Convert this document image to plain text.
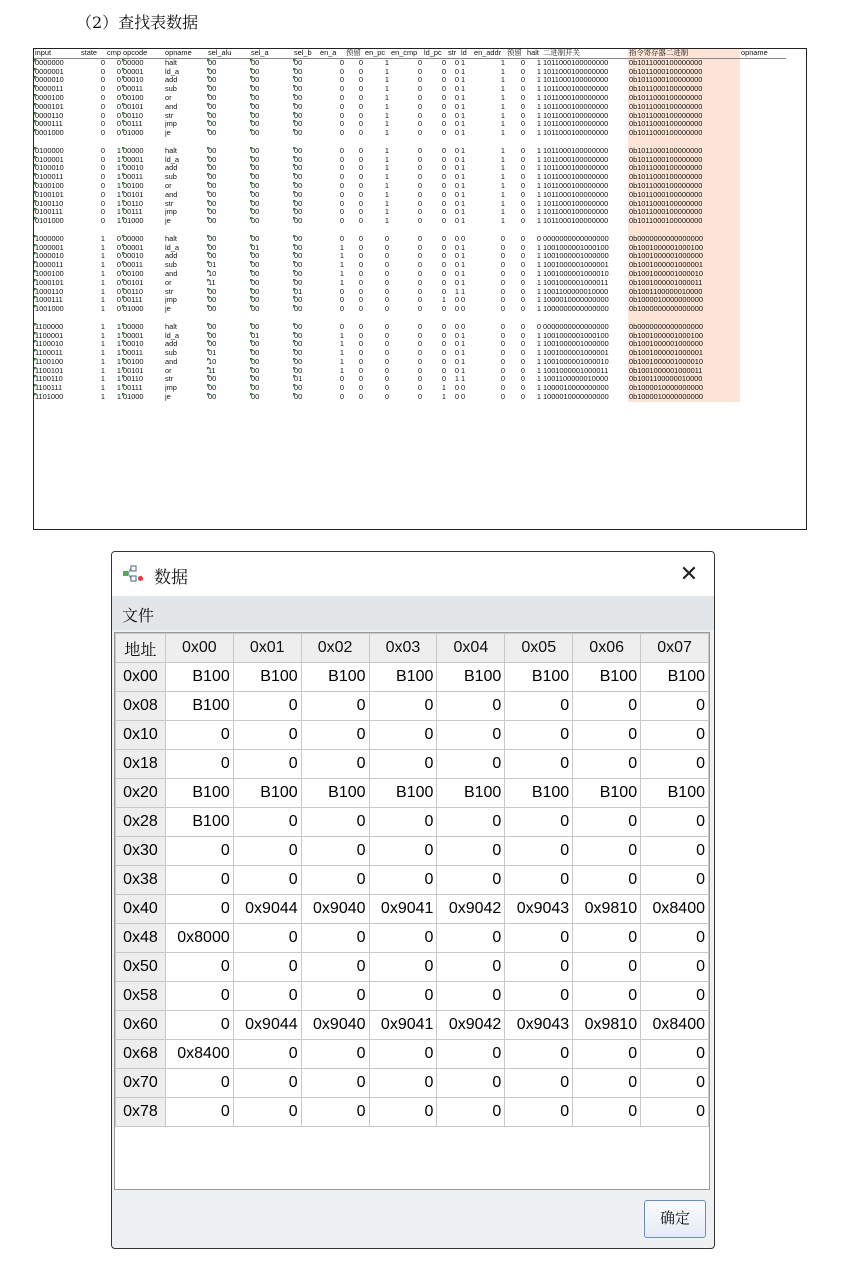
（2）查找表数据
input	state	cmp	opcode	opname	sel_alu	sel_a	sel_b	en_a	预留	en_pc	en_cmp	ld_pc	str	ld	en_addr	预留	halt	二进制开关	指令寄存器二进制	opname
0000000	0	0	00000	halt	00	00	00	0	0	1	0	0	0	1	1	0	1	1011000100000000	0b1011000100000000	
0000001	0	0	00001	ld_a	00	00	00	0	0	1	0	0	0	1	1	0	1	1011000100000000	0b1011000100000000	
0000010	0	0	00010	add	00	00	00	0	0	1	0	0	0	1	1	0	1	1011000100000000	0b1011000100000000	
0000011	0	0	00011	sub	00	00	00	0	0	1	0	0	0	1	1	0	1	1011000100000000	0b1011000100000000	
0000100	0	0	00100	or	00	00	00	0	0	1	0	0	0	1	1	0	1	1011000100000000	0b1011000100000000	
0000101	0	0	00101	and	00	00	00	0	0	1	0	0	0	1	1	0	1	1011000100000000	0b1011000100000000	
0000110	0	0	00110	str	00	00	00	0	0	1	0	0	0	1	1	0	1	1011000100000000	0b1011000100000000	
0000111	0	0	00111	jmp	00	00	00	0	0	1	0	0	0	1	1	0	1	1011000100000000	0b1011000100000000	
0001000	0	0	01000	je	00	00	00	0	0	1	0	0	0	1	1	0	1	1011000100000000	0b1011000100000000	

0100000	0	1	00000	halt	00	00	00	0	0	1	0	0	0	1	1	0	1	1011000100000000	0b1011000100000000	
0100001	0	1	00001	ld_a	00	00	00	0	0	1	0	0	0	1	1	0	1	1011000100000000	0b1011000100000000	
0100010	0	1	00010	add	00	00	00	0	0	1	0	0	0	1	1	0	1	1011000100000000	0b1011000100000000	
0100011	0	1	00011	sub	00	00	00	0	0	1	0	0	0	1	1	0	1	1011000100000000	0b1011000100000000	
0100100	0	1	00100	or	00	00	00	0	0	1	0	0	0	1	1	0	1	1011000100000000	0b1011000100000000	
0100101	0	1	00101	and	00	00	00	0	0	1	0	0	0	1	1	0	1	1011000100000000	0b1011000100000000	
0100110	0	1	00110	str	00	00	00	0	0	1	0	0	0	1	1	0	1	1011000100000000	0b1011000100000000	
0100111	0	1	00111	jmp	00	00	00	0	0	1	0	0	0	1	1	0	1	1011000100000000	0b1011000100000000	
0101000	0	1	01000	je	00	00	00	0	0	1	0	0	0	1	1	0	1	1011000100000000	0b1011000100000000	

1000000	1	0	00000	halt	00	00	00	0	0	0	0	0	0	0	0	0	0	0000000000000000	0b0000000000000000	
1000001	1	0	00001	ld_a	00	01	00	1	0	0	0	0	0	1	0	0	1	1001000001000100	0b1001000001000100	
1000010	1	0	00010	add	00	00	00	1	0	0	0	0	0	1	0	0	1	1001000001000000	0b1001000001000000	
1000011	1	0	00011	sub	01	00	00	1	0	0	0	0	0	1	0	0	1	1001000001000001	0b1001000001000001	
1000100	1	0	00100	and	10	00	00	1	0	0	0	0	0	1	0	0	1	1001000001000010	0b1001000001000010	
1000101	1	0	00101	or	11	00	00	1	0	0	0	0	0	1	0	0	1	1001000001000011	0b1001000001000011	
1000110	1	0	00110	str	00	00	01	0	0	0	0	0	1	1	0	0	1	1001100000010000	0b1001100000010000	
1000111	1	0	00111	jmp	00	00	00	0	0	0	0	1	0	0	0	0	1	1000010000000000	0b1000010000000000	
1001000	1	0	01000	je	00	00	00	0	0	0	0	0	0	0	0	0	1	1000000000000000	0b1000000000000000	

1100000	1	1	00000	halt	00	00	00	0	0	0	0	0	0	0	0	0	0	0000000000000000	0b0000000000000000	
1100001	1	1	00001	ld_a	00	01	00	1	0	0	0	0	0	1	0	0	1	1001000001000100	0b1001000001000100	
1100010	1	1	00010	add	00	00	00	1	0	0	0	0	0	1	0	0	1	1001000001000000	0b1001000001000000	
1100011	1	1	00011	sub	01	00	00	1	0	0	0	0	0	1	0	0	1	1001000001000001	0b1001000001000001	
1100100	1	1	00100	and	10	00	00	1	0	0	0	0	0	1	0	0	1	1001000001000010	0b1001000001000010	
1100101	1	1	00101	or	11	00	00	1	0	0	0	0	0	1	0	0	1	1001000001000011	0b1001000001000011	
1100110	1	1	00110	str	00	00	01	0	0	0	0	0	1	1	0	0	1	1001100000010000	0b1001100000010000	
1100111	1	1	00111	jmp	00	00	00	0	0	0	0	1	0	0	0	0	1	1000010000000000	0b1000010000000000	
1101000	1	1	01000	je	00	00	00	0	0	0	0	1	0	0	0	0	1	1000010000000000	0b1000010000000000	
数据	✕
文件
地址	0x00	0x01	0x02	0x03	0x04	0x05	0x06	0x07
0x00	B100	B100	B100	B100	B100	B100	B100	B100
0x08	B100	0	0	0	0	0	0	0
0x10	0	0	0	0	0	0	0	0
0x18	0	0	0	0	0	0	0	0
0x20	B100	B100	B100	B100	B100	B100	B100	B100
0x28	B100	0	0	0	0	0	0	0
0x30	0	0	0	0	0	0	0	0
0x38	0	0	0	0	0	0	0	0
0x40	0	0x9044	0x9040	0x9041	0x9042	0x9043	0x9810	0x8400
0x48	0x8000	0	0	0	0	0	0	0
0x50	0	0	0	0	0	0	0	0
0x58	0	0	0	0	0	0	0	0
0x60	0	0x9044	0x9040	0x9041	0x9042	0x9043	0x9810	0x8400
0x68	0x8400	0	0	0	0	0	0	0
0x70	0	0	0	0	0	0	0	0
0x78	0	0	0	0	0	0	0	0
确定
